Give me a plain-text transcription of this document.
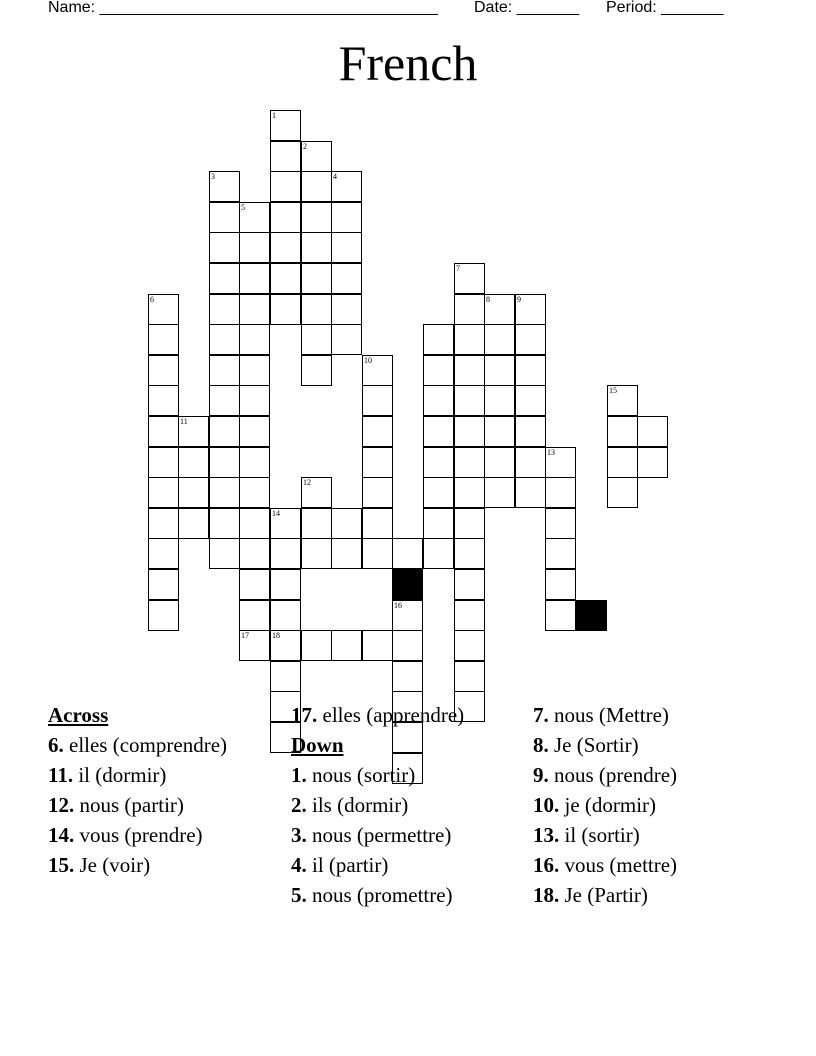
Name: ______________________________________ Date: _______ Period: _______
French
6
11
3
5
17
1
14
18
2
12
4
10
16
7
8	9
13
15
Across
6. elles (comprendre)
11. il (dormir)
12. nous (partir)
14. vous (prendre)
15. Je (voir)
17. elles (apprendre)
Down
1. nous (sortir)
2. ils (dormir)
3. nous (permettre)
4. il (partir)
5. nous (promettre)
7. nous (Mettre)
8. Je (Sortir)
9. nous (prendre)
10. je (dormir)
13. il (sortir)
16. vous (mettre)
18. Je (Partir)
